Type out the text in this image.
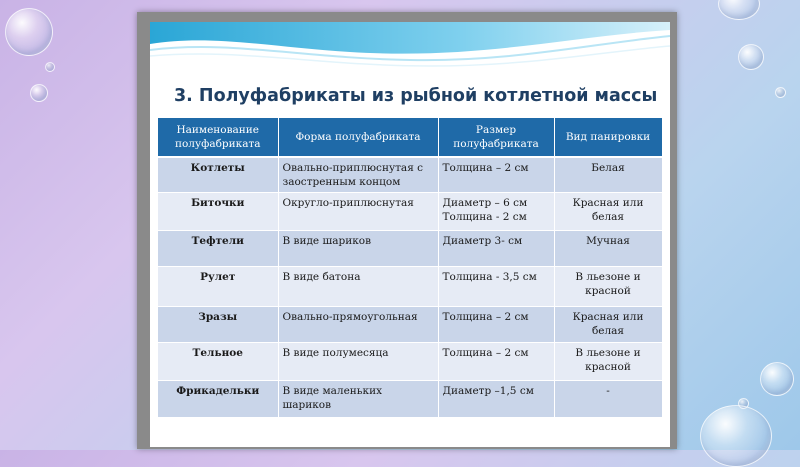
3. Полуфабрикаты из рыбной котлетной массы
Наименование полуфабриката	Форма полуфабриката	Размер полуфабриката	Вид панировки

Котлеты	Овально-приплюснутая с заостренным концом	Толщина – 2 см	Белая

Биточки	Округло-приплюснутая	Диаметр – 6 см Толщина - 2 см	Красная или белая

Тефтели	В виде шариков	Диаметр 3- см	Мучная

Рулет	В виде батона	Толщина - 3,5 см	В льезоне и красной

Зразы	Овально-прямоугольная	Толщина – 2 см	Красная или белая

Тельное	В виде полумесяца	Толщина – 2 см	В льезоне и красной

Фрикадельки	В виде маленьких шариков	Диаметр –1,5 см	-
